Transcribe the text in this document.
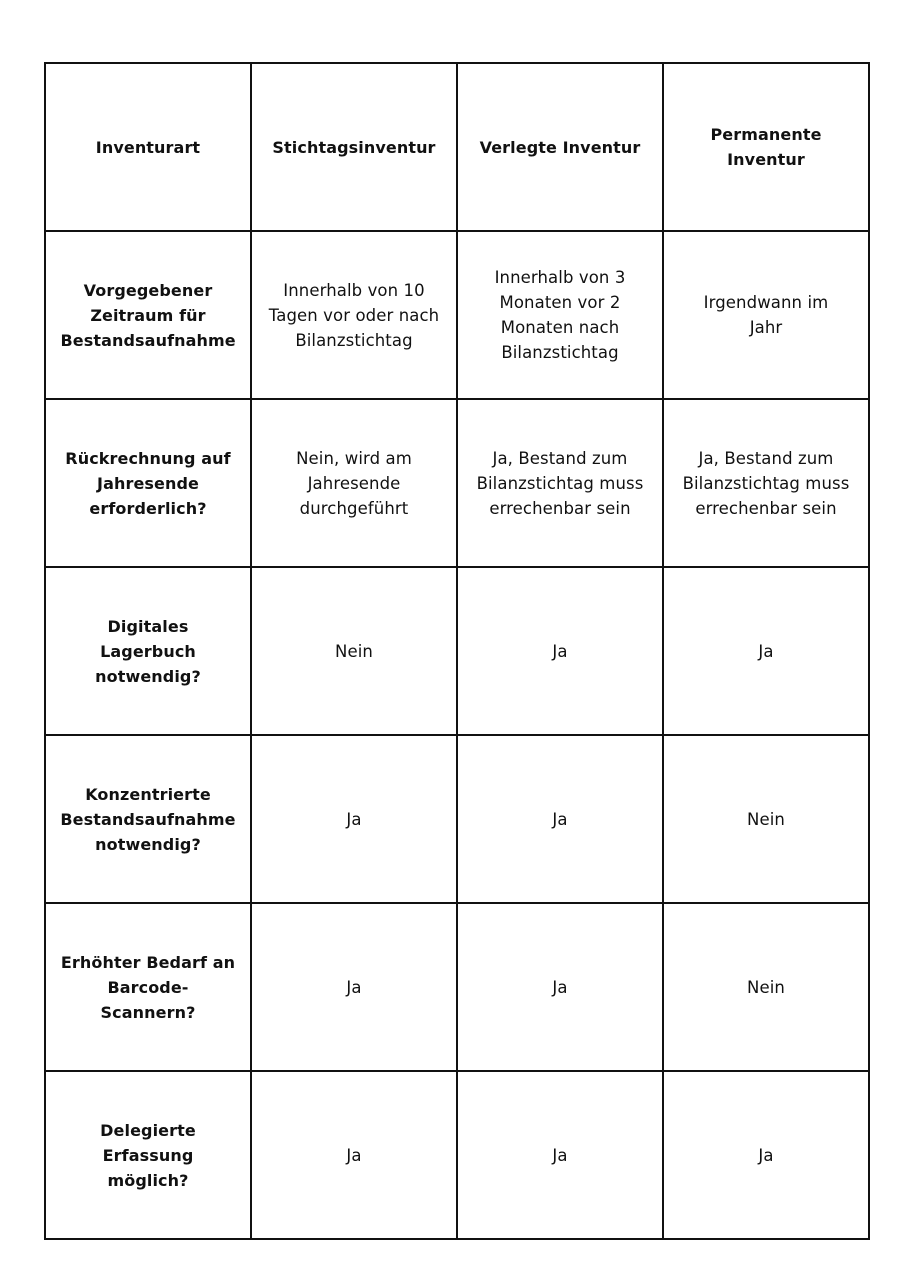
Inventurart	Stichtagsinventur	Verlegte Inventur	Permanente Inventur

Vorgegebener Zeitraum für Bestandsaufnahme	Innerhalb von 10 Tagen vor oder nach Bilanzstichtag	Innerhalb von 3 Monaten vor 2 Monaten nach Bilanzstichtag	Irgendwann im Jahr

Rückrechnung auf Jahresende erforderlich?	Nein, wird am Jahresende durchgeführt	Ja, Bestand zum Bilanzstichtag muss errechenbar sein	Ja, Bestand zum Bilanzstichtag muss errechenbar sein

Digitales Lagerbuch notwendig?	Nein	Ja	Ja

Konzentrierte Bestandsaufnahme notwendig?	Ja	Ja	Nein

Erhöhter Bedarf an Barcode-Scannern?	Ja	Ja	Nein

Delegierte Erfassung möglich?	Ja	Ja	Ja
